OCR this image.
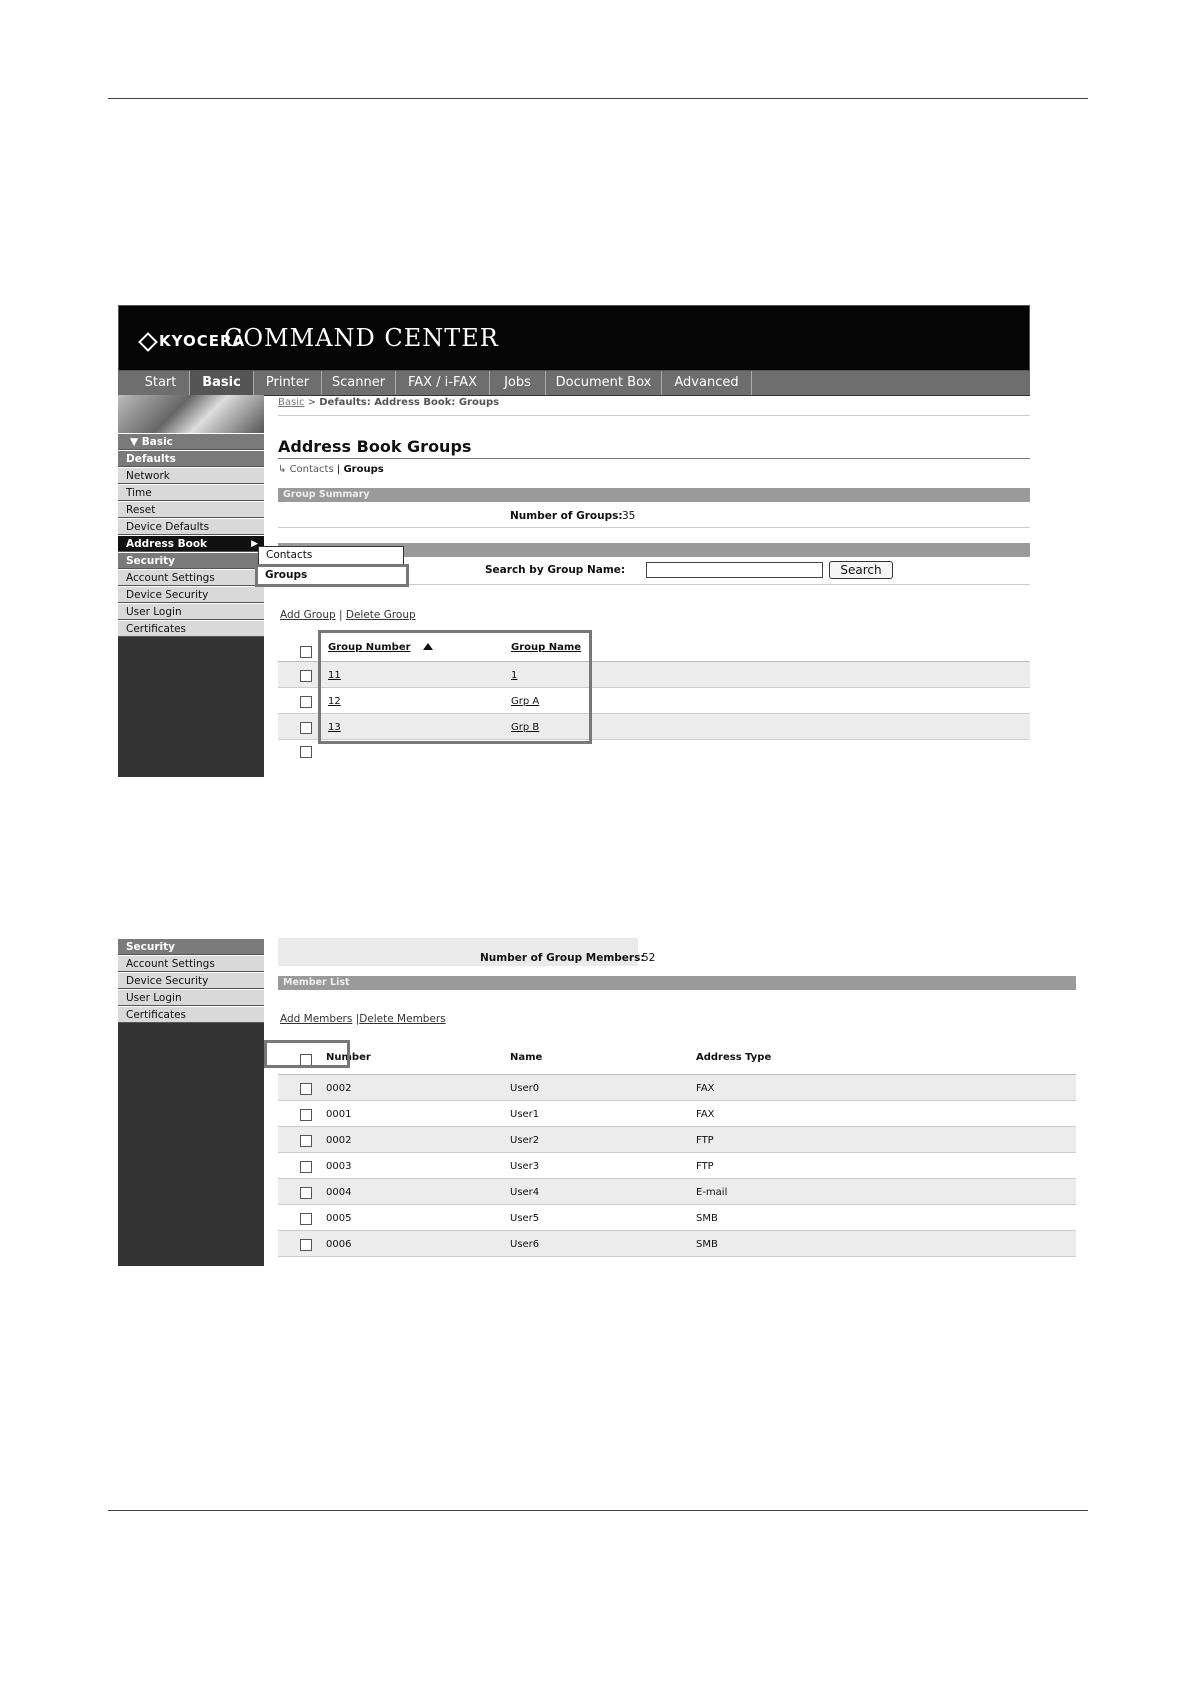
KYOCERA
COMMAND CENTER
Start	Basic	Printer	Scanner	FAX / i-FAX	Jobs	Document Box	Advanced
▼ Basic
Defaults
Network
Time
Reset
Device Defaults
Address Book	▶
Security
Account Settings
Device Security
User Login
Certificates
Basic > Defaults: Address Book: Groups
Address Book Groups
↳ Contacts | Groups
Group Summary
Number of Groups: 35
Search by Group Name:	Search
Add Group | Delete Group
Group Number	Group Name
11	1
12	Grp A
13	Grp B
Contacts
Groups
Security
Account Settings
Device Security
User Login
Certificates
Number of Group Members:
52
Member List
Add Members |Delete Members
Number	Name	Address Type
0002	User0	FAX
0001	User1	FAX
0002	User2	FTP
0003	User3	FTP
0004	User4	E-mail
0005	User5	SMB
0006	User6	SMB
